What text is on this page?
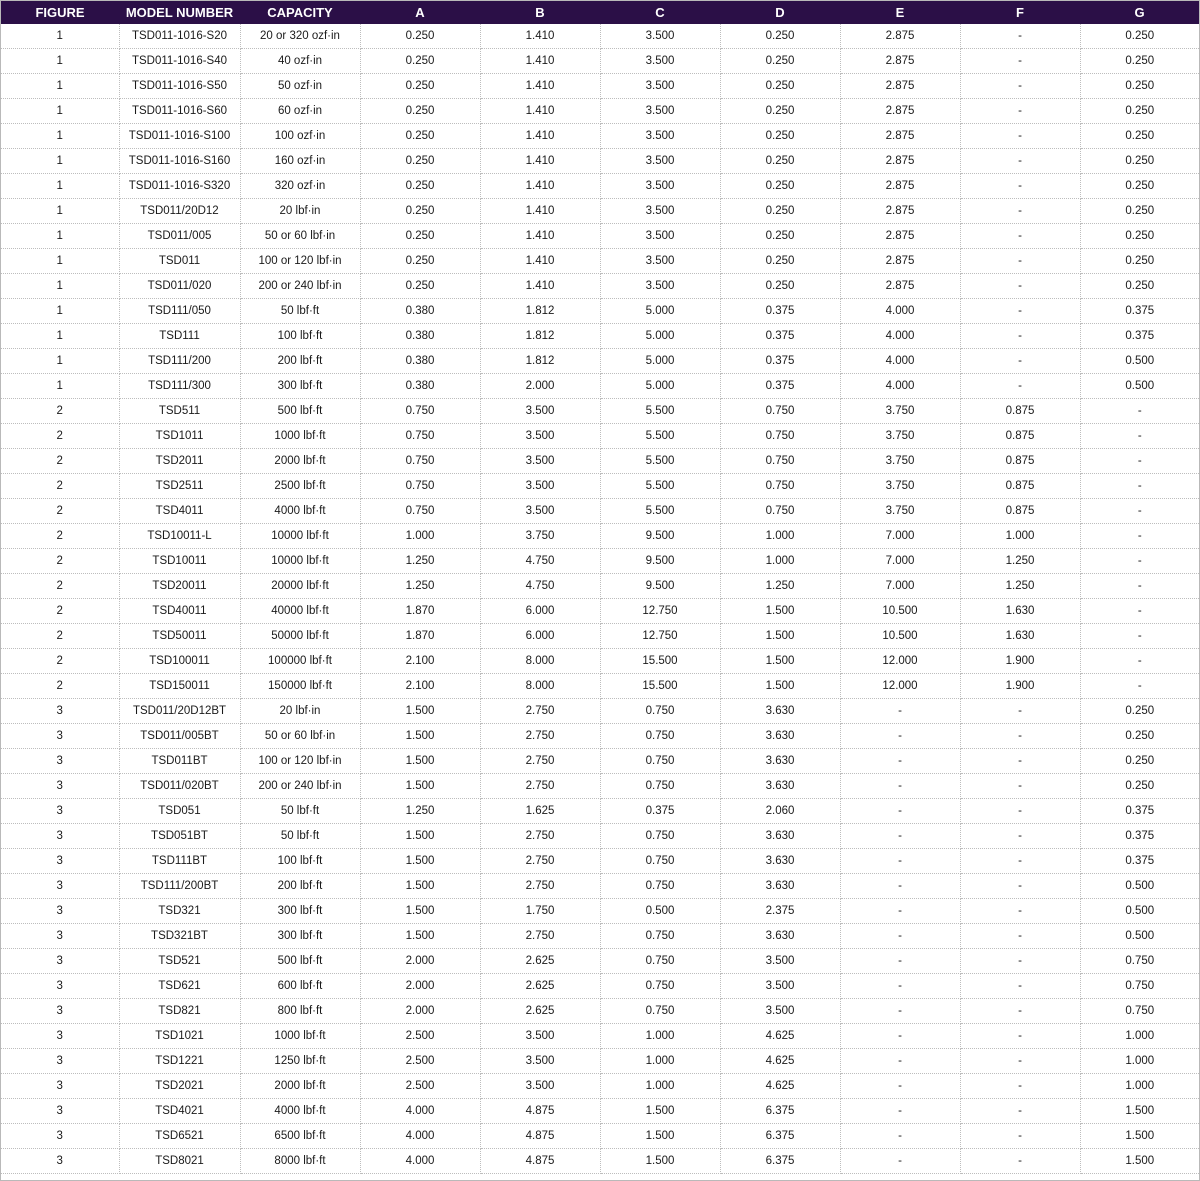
FIGURE	MODEL NUMBER	CAPACITY	A	B	C	D	E	F	G
1	TSD011-1016-S20	20 or 320 ozf·in	0.250	1.410	3.500	0.250	2.875	-	0.250
1	TSD011-1016-S40	40 ozf·in	0.250	1.410	3.500	0.250	2.875	-	0.250
1	TSD011-1016-S50	50 ozf·in	0.250	1.410	3.500	0.250	2.875	-	0.250
1	TSD011-1016-S60	60 ozf·in	0.250	1.410	3.500	0.250	2.875	-	0.250
1	TSD011-1016-S100	100 ozf·in	0.250	1.410	3.500	0.250	2.875	-	0.250
1	TSD011-1016-S160	160 ozf·in	0.250	1.410	3.500	0.250	2.875	-	0.250
1	TSD011-1016-S320	320 ozf·in	0.250	1.410	3.500	0.250	2.875	-	0.250
1	TSD011/20D12	20 lbf·in	0.250	1.410	3.500	0.250	2.875	-	0.250
1	TSD011/005	50 or 60 lbf·in	0.250	1.410	3.500	0.250	2.875	-	0.250
1	TSD011	100 or 120 lbf·in	0.250	1.410	3.500	0.250	2.875	-	0.250
1	TSD011/020	200 or 240 lbf·in	0.250	1.410	3.500	0.250	2.875	-	0.250
1	TSD111/050	50 lbf·ft	0.380	1.812	5.000	0.375	4.000	-	0.375
1	TSD111	100 lbf·ft	0.380	1.812	5.000	0.375	4.000	-	0.375
1	TSD111/200	200 lbf·ft	0.380	1.812	5.000	0.375	4.000	-	0.500
1	TSD111/300	300 lbf·ft	0.380	2.000	5.000	0.375	4.000	-	0.500
2	TSD511	500 lbf·ft	0.750	3.500	5.500	0.750	3.750	0.875	-
2	TSD1011	1000 lbf·ft	0.750	3.500	5.500	0.750	3.750	0.875	-
2	TSD2011	2000 lbf·ft	0.750	3.500	5.500	0.750	3.750	0.875	-
2	TSD2511	2500 lbf·ft	0.750	3.500	5.500	0.750	3.750	0.875	-
2	TSD4011	4000 lbf·ft	0.750	3.500	5.500	0.750	3.750	0.875	-
2	TSD10011-L	10000 lbf·ft	1.000	3.750	9.500	1.000	7.000	1.000	-
2	TSD10011	10000 lbf·ft	1.250	4.750	9.500	1.000	7.000	1.250	-
2	TSD20011	20000 lbf·ft	1.250	4.750	9.500	1.250	7.000	1.250	-
2	TSD40011	40000 lbf·ft	1.870	6.000	12.750	1.500	10.500	1.630	-
2	TSD50011	50000 lbf·ft	1.870	6.000	12.750	1.500	10.500	1.630	-
2	TSD100011	100000 lbf·ft	2.100	8.000	15.500	1.500	12.000	1.900	-
2	TSD150011	150000 lbf·ft	2.100	8.000	15.500	1.500	12.000	1.900	-
3	TSD011/20D12BT	20 lbf·in	1.500	2.750	0.750	3.630	-	-	0.250
3	TSD011/005BT	50 or 60 lbf·in	1.500	2.750	0.750	3.630	-	-	0.250
3	TSD011BT	100 or 120 lbf·in	1.500	2.750	0.750	3.630	-	-	0.250
3	TSD011/020BT	200 or 240 lbf·in	1.500	2.750	0.750	3.630	-	-	0.250
3	TSD051	50 lbf·ft	1.250	1.625	0.375	2.060	-	-	0.375
3	TSD051BT	50 lbf·ft	1.500	2.750	0.750	3.630	-	-	0.375
3	TSD111BT	100 lbf·ft	1.500	2.750	0.750	3.630	-	-	0.375
3	TSD111/200BT	200 lbf·ft	1.500	2.750	0.750	3.630	-	-	0.500
3	TSD321	300 lbf·ft	1.500	1.750	0.500	2.375	-	-	0.500
3	TSD321BT	300 lbf·ft	1.500	2.750	0.750	3.630	-	-	0.500
3	TSD521	500 lbf·ft	2.000	2.625	0.750	3.500	-	-	0.750
3	TSD621	600 lbf·ft	2.000	2.625	0.750	3.500	-	-	0.750
3	TSD821	800 lbf·ft	2.000	2.625	0.750	3.500	-	-	0.750
3	TSD1021	1000 lbf·ft	2.500	3.500	1.000	4.625	-	-	1.000
3	TSD1221	1250 lbf·ft	2.500	3.500	1.000	4.625	-	-	1.000
3	TSD2021	2000 lbf·ft	2.500	3.500	1.000	4.625	-	-	1.000
3	TSD4021	4000 lbf·ft	4.000	4.875	1.500	6.375	-	-	1.500
3	TSD6521	6500 lbf·ft	4.000	4.875	1.500	6.375	-	-	1.500
3	TSD8021	8000 lbf·ft	4.000	4.875	1.500	6.375	-	-	1.500
